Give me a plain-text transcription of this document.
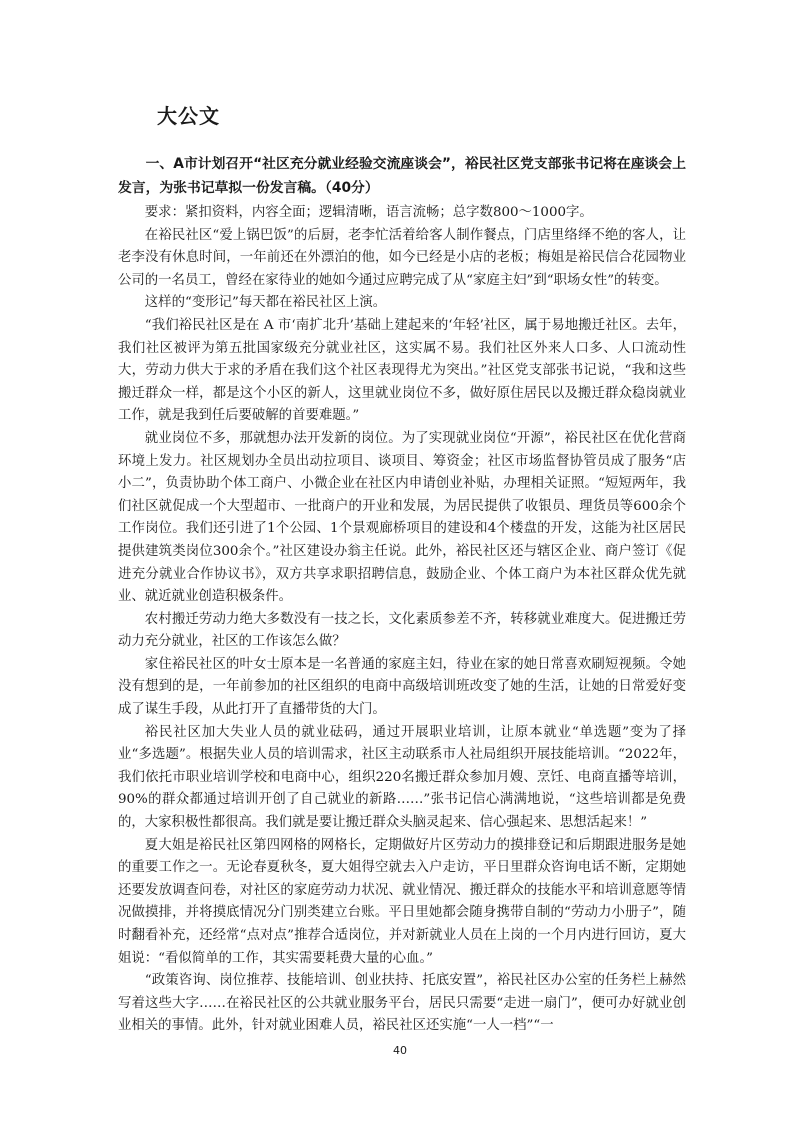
大公文

一、A市计划召开“社区充分就业经验交流座谈会”，裕民社区党支部张书记将在座谈会上发言，为张书记草拟一份发言稿。（40分）

要求：紧扣资料，内容全面；逻辑清晰，语言流畅；总字数800～1000字。

在裕民社区“爱上锅巴饭”的后厨，老李忙活着给客人制作餐点，门店里络绎不绝的客人，让老李没有休息时间，一年前还在外漂泊的他，如今已经是小店的老板；梅姐是裕民信合花园物业公司的一名员工，曾经在家待业的她如今通过应聘完成了从“家庭主妇”到“职场女性”的转变。

这样的“变形记”每天都在裕民社区上演。

“我们裕民社区是在 A 市‘南扩北升’基础上建起来的‘年轻’社区，属于易地搬迁社区。去年，我们社区被评为第五批国家级充分就业社区，这实属不易。我们社区外来人口多、人口流动性大，劳动力供大于求的矛盾在我们这个社区表现得尤为突出。”社区党支部张书记说，“我和这些搬迁群众一样，都是这个小区的新人，这里就业岗位不多，做好原住居民以及搬迁群众稳岗就业工作，就是我到任后要破解的首要难题。”

就业岗位不多，那就想办法开发新的岗位。为了实现就业岗位“开源”，裕民社区在优化营商环境上发力。社区规划办全员出动拉项目、谈项目、筹资金；社区市场监督协管员成了服务“店小二”，负责协助个体工商户、小微企业在社区内申请创业补贴，办理相关证照。“短短两年，我们社区就促成一个大型超市、一批商户的开业和发展，为居民提供了收银员、理货员等600余个工作岗位。我们还引进了1个公园、1个景观廊桥项目的建设和4个楼盘的开发，这能为社区居民提供建筑类岗位300余个。”社区建设办翁主任说。此外，裕民社区还与辖区企业、商户签订《促进充分就业合作协议书》，双方共享求职招聘信息，鼓励企业、个体工商户为本社区群众优先就业、就近就业创造积极条件。

农村搬迁劳动力绝大多数没有一技之长，文化素质参差不齐，转移就业难度大。促进搬迁劳动力充分就业，社区的工作该怎么做？

家住裕民社区的叶女士原本是一名普通的家庭主妇，待业在家的她日常喜欢刷短视频。令她没有想到的是，一年前参加的社区组织的电商中高级培训班改变了她的生活，让她的日常爱好变成了谋生手段，从此打开了直播带货的大门。

裕民社区加大失业人员的就业砝码，通过开展职业培训，让原本就业“单选题”变为了择业“多选题”。根据失业人员的培训需求，社区主动联系市人社局组织开展技能培训。“2022年，我们依托市职业培训学校和电商中心，组织220名搬迁群众参加月嫂、烹饪、电商直播等培训，90%的群众都通过培训开创了自己就业的新路……”张书记信心满满地说，“这些培训都是免费的，大家积极性都很高。我们就是要让搬迁群众头脑灵起来、信心强起来、思想活起来！”

夏大姐是裕民社区第四网格的网格长，定期做好片区劳动力的摸排登记和后期跟进服务是她的重要工作之一。无论春夏秋冬，夏大姐得空就去入户走访，平日里群众咨询电话不断，定期她还要发放调查问卷，对社区的家庭劳动力状况、就业情况、搬迁群众的技能水平和培训意愿等情况做摸排，并将摸底情况分门别类建立台账。平日里她都会随身携带自制的“劳动力小册子”，随时翻看补充，还经常“点对点”推荐合适岗位，并对新就业人员在上岗的一个月内进行回访，夏大姐说：“看似简单的工作，其实需要耗费大量的心血。”

“政策咨询、岗位推荐、技能培训、创业扶持、托底安置”，裕民社区办公室的任务栏上赫然写着这些大字……在裕民社区的公共就业服务平台，居民只需要“走进一扇门”，便可办好就业创业相关的事情。此外，针对就业困难人员，裕民社区还实施“一人一档”“一

40
